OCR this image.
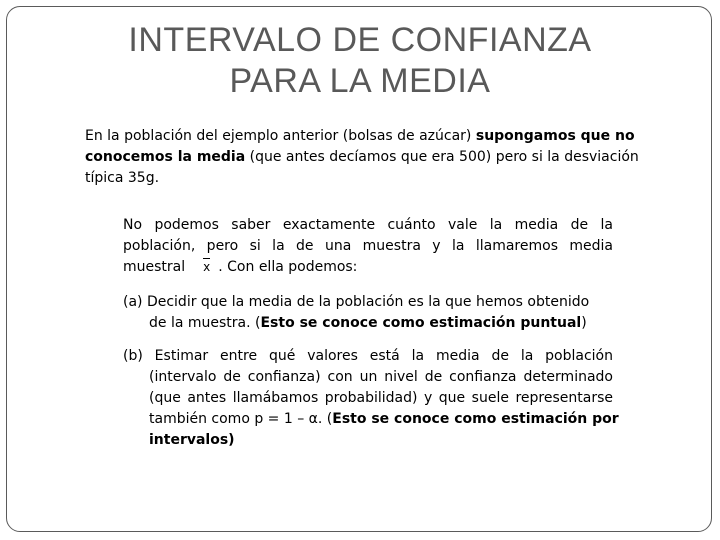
INTERVALO DE CONFIANZA
PARA LA MEDIA
En la población del ejemplo anterior (bolsas de azúcar) supongamos que no
conocemos la media (que antes decíamos que era 500) pero si la desviación
típica 35g.
No podemos saber exactamente cuánto vale la media de la
población, pero si la de una muestra y la llamaremos media
muestral x . Con ella podemos:
(a) Decidir que la media de la población es la que hemos obtenido
de la muestra. (Esto se conoce como estimación puntual)
(b) Estimar entre qué valores está la media de la población
(intervalo de confianza) con un nivel de confianza determinado
(que antes llamábamos probabilidad) y que suele representarse
también como p = 1 – α. (Esto se conoce como estimación por
intervalos)
